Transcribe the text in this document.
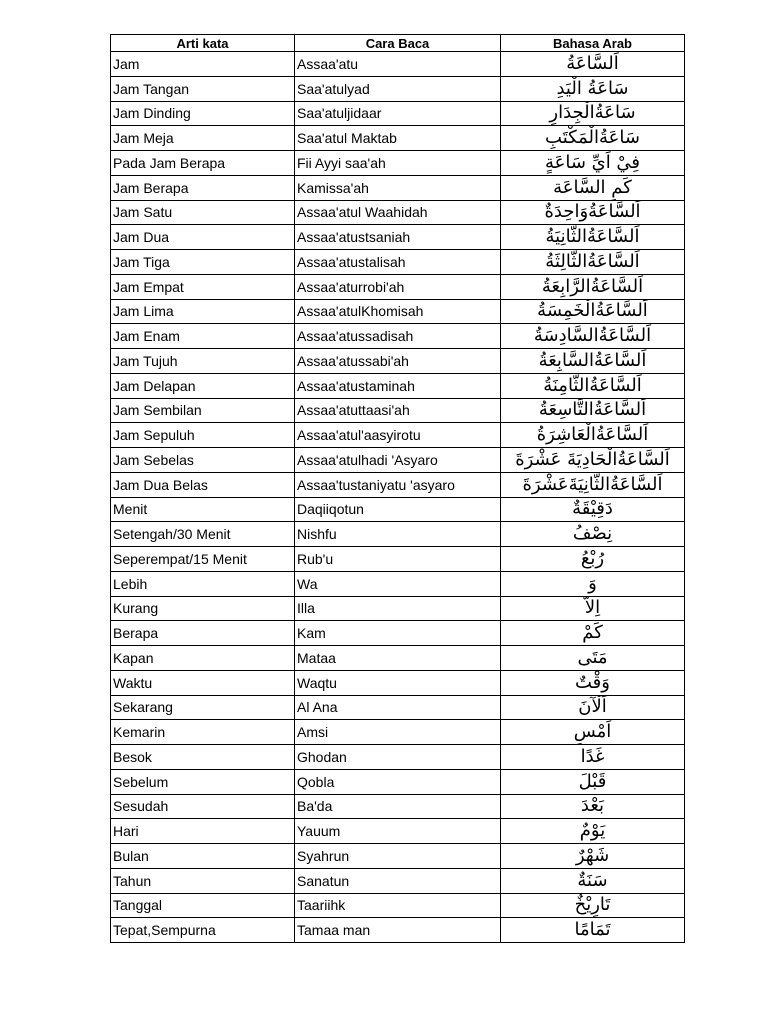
Arti kata	Cara Baca	Bahasa Arab
Jam	Assaa'atu	اَلسَّاعَةُ
Jam Tangan	Saa'atulyad	سَاعَةُ الْيَدِ
Jam Dinding	Saa'atuljidaar	سَاعَةُالْجِدَارِ
Jam Meja	Saa'atul Maktab	سَاعَةُالْمَكْتَبِ
Pada Jam Berapa	Fii Ayyi saa'ah	فِيْ اَيِّ سَاعَةٍ
Jam Berapa	Kamissa'ah	كَمِ السَّاعَة
Jam Satu	Assaa'atul Waahidah	اَلسَّاعَةُوَاحِدَةٌ
Jam Dua	Assaa'atustsaniah	اَلسَّاعَةُالثَّانِيَةُ
Jam Tiga	Assaa'atustalisah	اَلسَّاعَةُالثَّالِثَةُ
Jam Empat	Assaa'aturrobi'ah	اَلسَّاعَةُالرَّابِعَةُ
Jam Lima	Assaa'atulKhomisah	اَلسَّاعَةُالْخَمِسَةُ
Jam Enam	Assaa'atussadisah	اَلسَّاعَةُالسَّادِسَةُ
Jam Tujuh	Assaa'atussabi'ah	اَلسَّاعَةُالسَّابِعَةُ
Jam Delapan	Assaa'atustaminah	اَلسَّاعَةُالثَّامِنَةُ
Jam Sembilan	Assaa'atuttaasi'ah	اَلسَّاعَةُالتَّاسِعَةُ
Jam Sepuluh	Assaa'atul'aasyirotu	اَلسَّاعَةُالْعَاشِرَةُ
Jam Sebelas	Assaa'atulhadi 'Asyaro	اَلسَّاعَةُالْحَادِيَةَ عَشْرَةَ
Jam Dua Belas	Assaa'tustaniyatu 'asyaro	اَلسَّاعَةُالثَّانِيَةَعَشْرَةَ
Menit	Daqiiqotun	دَقِيْقَةٌ
Setengah/30 Menit	Nishfu	نِصْفُ
Seperempat/15 Menit	Rub'u	رُبْعُ
Lebih	Wa	وَ
Kurang	Illa	اِلاَّ
Berapa	Kam	كَمْ
Kapan	Mataa	مَتَى
Waktu	Waqtu	وَقْتٌ
Sekarang	Al Ana	اَلْآنَ
Kemarin	Amsi	اَمْسِ
Besok	Ghodan	غَدًا
Sebelum	Qobla	قَبْلَ
Sesudah	Ba'da	بَعْدَ
Hari	Yauum	يَوْمٌ
Bulan	Syahrun	شَهْرٌ
Tahun	Sanatun	سَنَةٌ
Tanggal	Taariihk	تَارِيْخٌ
Tepat,Sempurna	Tamaa man	تَمَامًا
